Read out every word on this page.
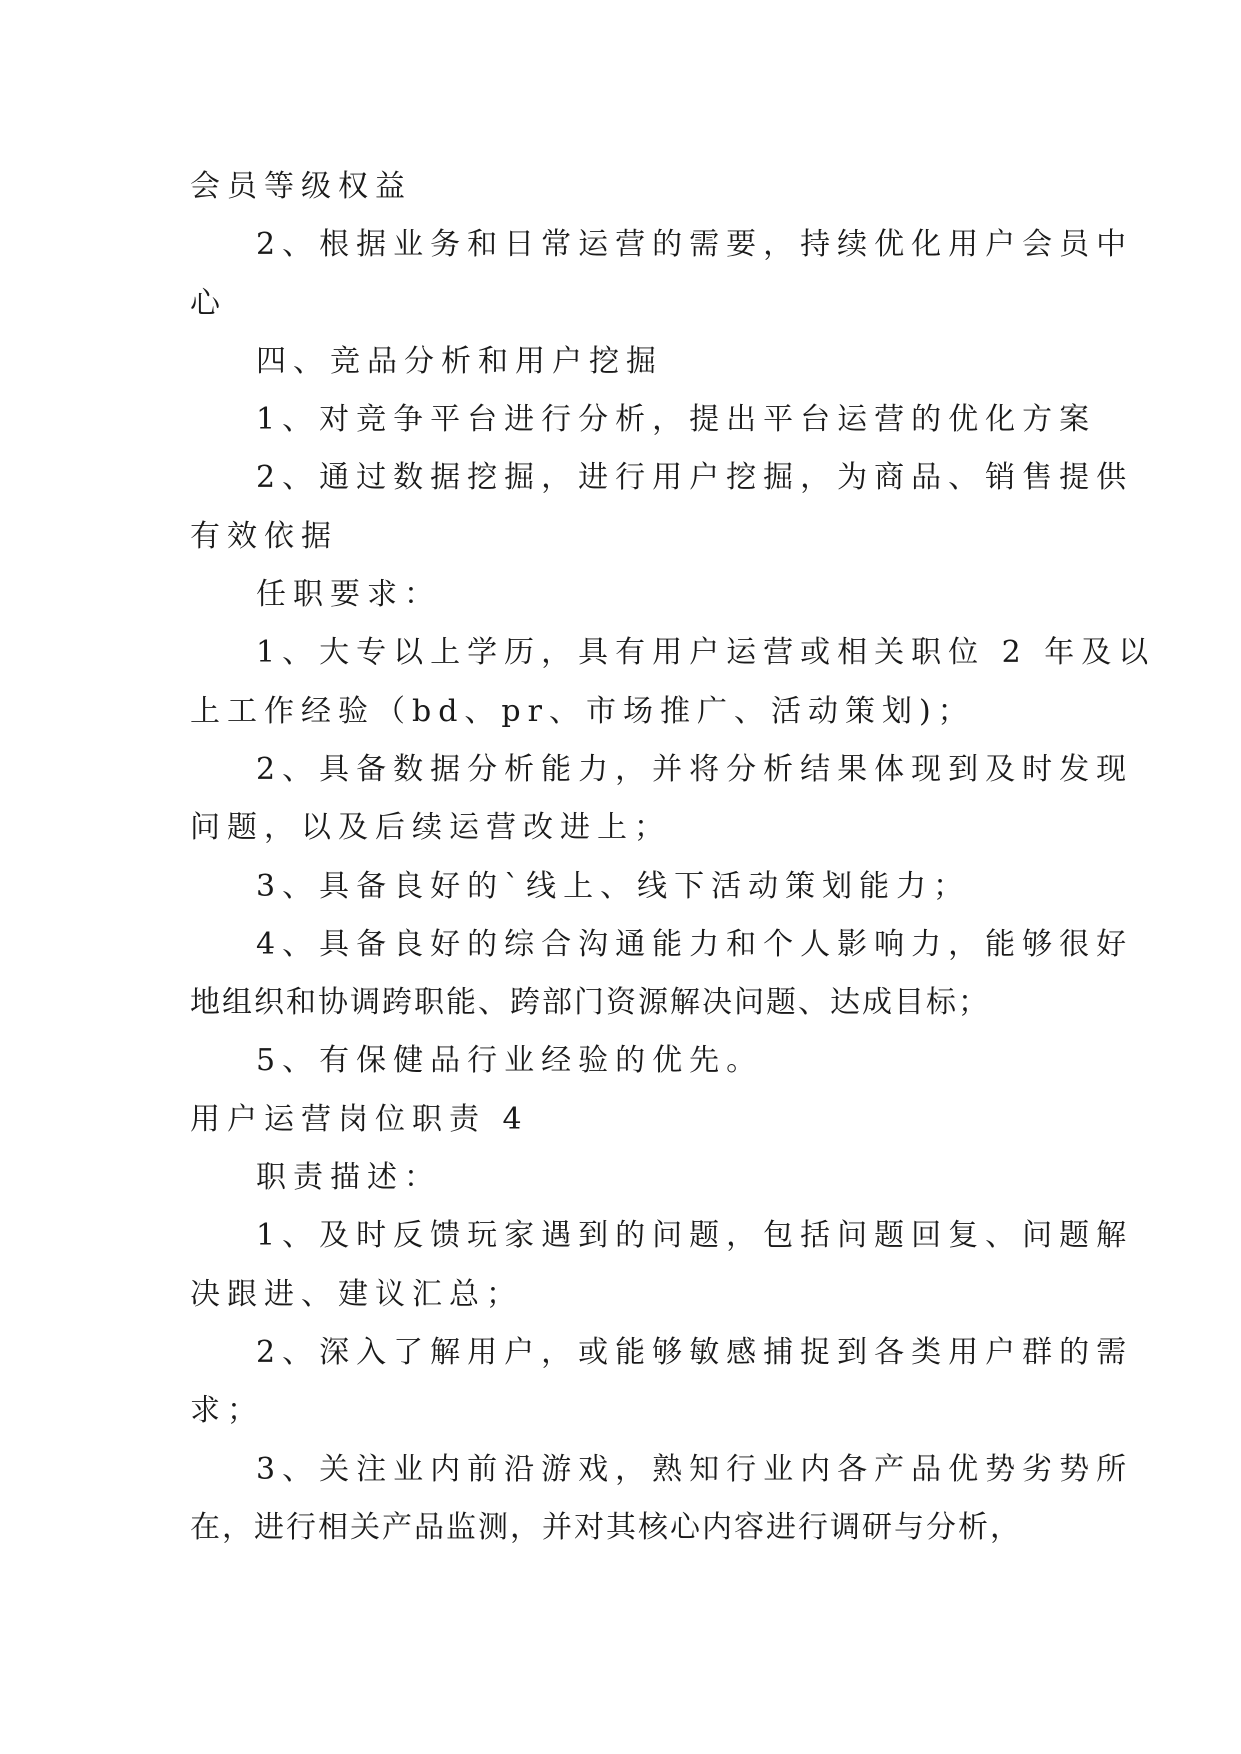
会员等级权益
2、根据业务和日常运营的需要，持续优化用户会员中
心
四、竞品分析和用户挖掘
1、对竞争平台进行分析，提出平台运营的优化方案
2、通过数据挖掘，进行用户挖掘，为商品、销售提供
有效依据
任职要求：
1、大专以上学历，具有用户运营或相关职位 2 年及以
上工作经验（bd、pr、市场推广、活动策划)；
2、具备数据分析能力，并将分析结果体现到及时发现
问题，以及后续运营改进上；
3、具备良好的`线上、线下活动策划能力；
4、具备良好的综合沟通能力和个人影响力，能够很好
地组织和协调跨职能、跨部门资源解决问题、达成目标；
5、有保健品行业经验的优先。
用户运营岗位职责 4
职责描述：
1、及时反馈玩家遇到的问题，包括问题回复、问题解
决跟进、建议汇总；
2、深入了解用户，或能够敏感捕捉到各类用户群的需
求；
3、关注业内前沿游戏，熟知行业内各产品优势劣势所
在，进行相关产品监测，并对其核心内容进行调研与分析，
